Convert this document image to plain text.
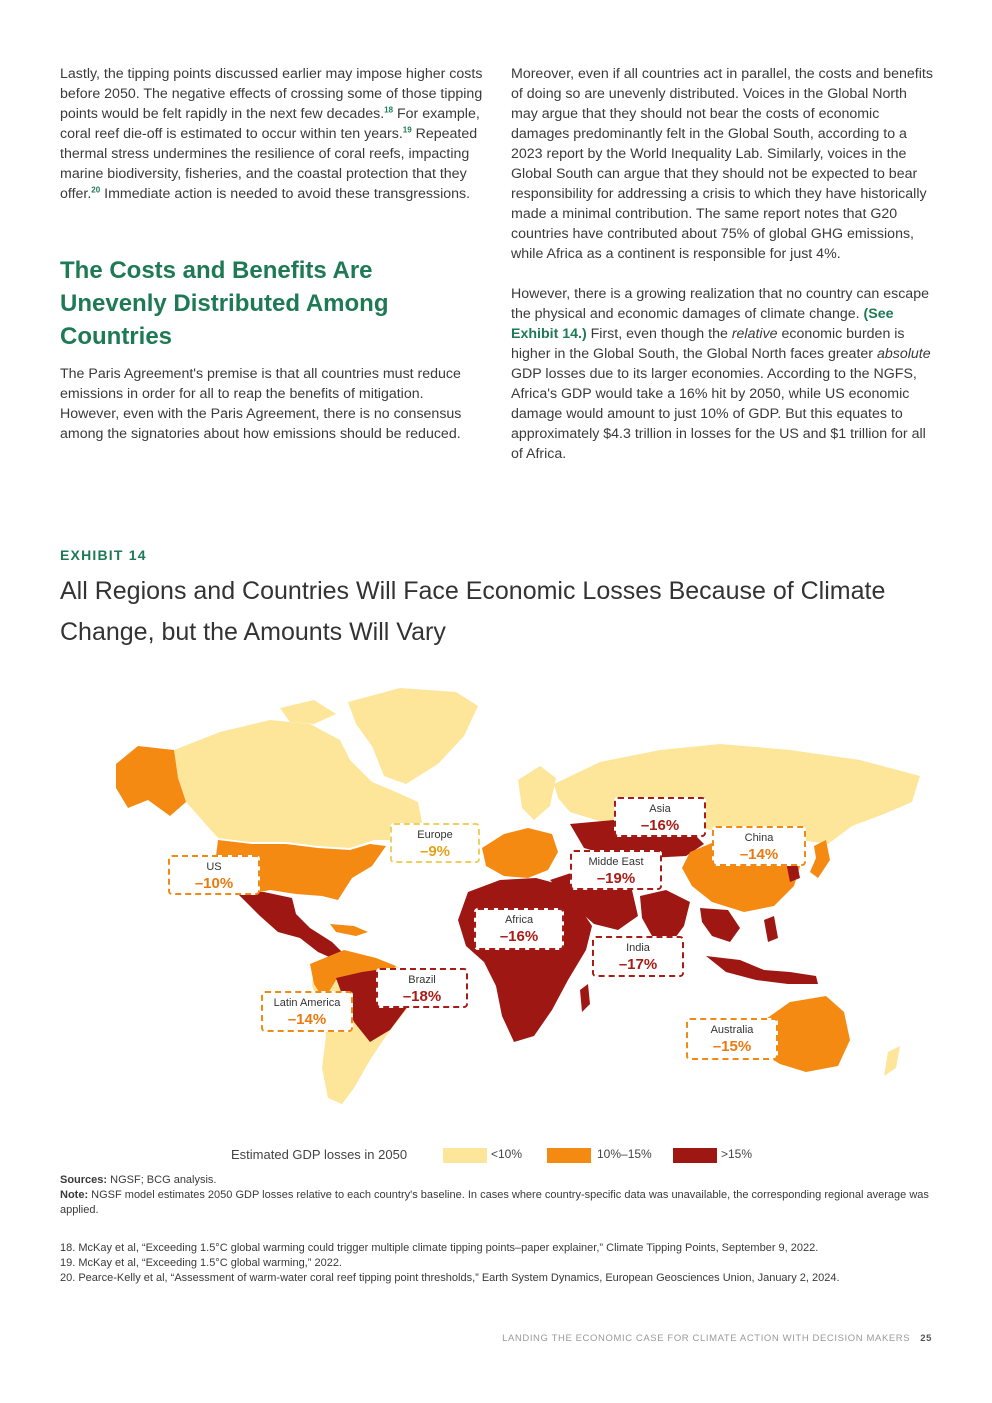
Lastly, the tipping points discussed earlier may impose higher costs before 2050. The negative effects of crossing some of those tipping points would be felt rapidly in the next few decades.$^{18}$ For example, coral reef die-off is estimated to occur within ten years.$^{19}$ Repeated thermal stress undermines the resilience of coral reefs, impacting marine biodiversity, fisheries, and the coastal protection that they offer.$^{20}$ Immediate action is needed to avoid these transgressions.

The Costs and Benefits Are Unevenly Distributed Among Countries

The Paris Agreement's premise is that all countries must reduce emissions in order for all to reap the benefits of mitigation. However, even with the Paris Agreement, there is no consensus among the signatories about how emissions should be reduced.

Moreover, even if all countries act in parallel, the costs and benefits of doing so are unevenly distributed. Voices in the Global North may argue that they should not bear the costs of economic damages predominantly felt in the Global South, according to a 2023 report by the World Inequality Lab. Similarly, voices in the Global South can argue that they should not be expected to bear responsibility for addressing a crisis to which they have historically made a minimal contribution. The same report notes that G20 countries have contributed about 75% of global GHG emissions, while Africa as a continent is responsible for just 4%.

However, there is a growing realization that no country can escape the physical and economic damages of climate change. (See Exhibit 14.) First, even though the relative economic burden is higher in the Global South, the Global North faces greater absolute GDP losses due to its larger economies. According to the NGFS, Africa's GDP would take a 16% hit by 2050, while US economic damage would amount to just 10% of GDP. But this equates to approximately $4.3 trillion in losses for the US and $1 trillion for all of Africa.

EXHIBIT 14
All Regions and Countries Will Face Economic Losses Because of Climate Change, but the Amounts Will Vary
US
–10%
Europe
–9%
Asia
–16%
China
–14%
Midde East
–19%
Africa
–16%
India
–17%
Brazil
–18%
Latin America
–14%
Australia
–15%
Estimated GDP losses in 2050	<10%	10%–15%	>15%
Sources: NGSF; BCG analysis.
Note: NGSF model estimates 2050 GDP losses relative to each country's baseline. In cases where country-specific data was unavailable, the corresponding regional average was applied.
18. McKay et al, “Exceeding 1.5°C global warming could trigger multiple climate tipping points–paper explainer,” Climate Tipping Points, September 9, 2022.
19. McKay et al, “Exceeding 1.5°C global warming,” 2022.
20. Pearce-Kelly et al, “Assessment of warm-water coral reef tipping point thresholds,” Earth System Dynamics, European Geosciences Union, January 2, 2024.
LANDING THE ECONOMIC CASE FOR CLIMATE ACTION WITH DECISION MAKERS 25
